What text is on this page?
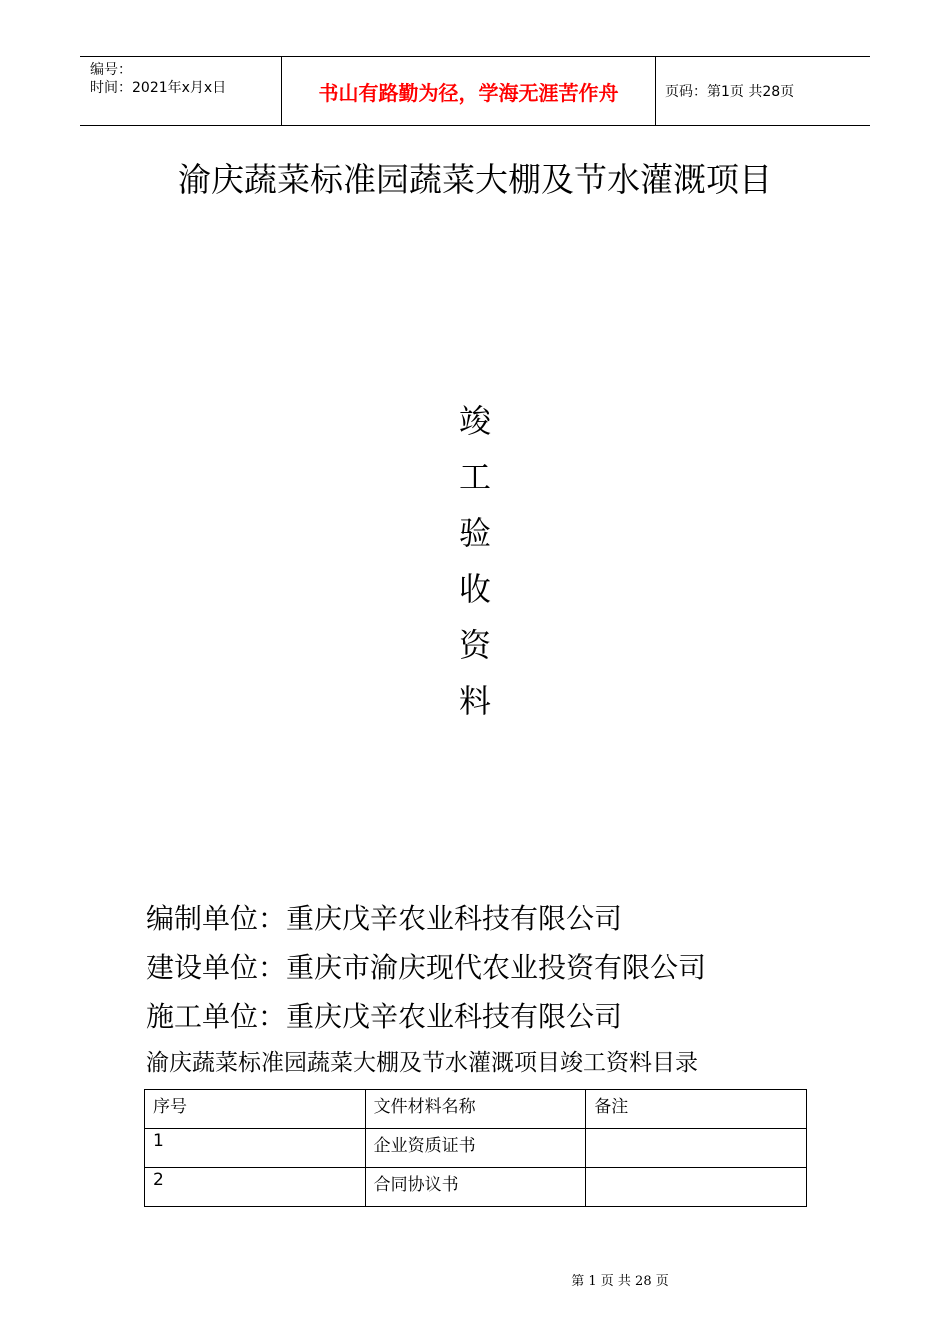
编号：
时间：2021年x月x日	书山有路勤为径，学海无涯苦作舟	页码：第1页 共28页
渝庆蔬菜标准园蔬菜大棚及节水灌溉项目
竣
工
验
收
资
料
编制单位：重庆戊辛农业科技有限公司
建设单位：重庆市渝庆现代农业投资有限公司
施工单位：重庆戊辛农业科技有限公司
渝庆蔬菜标准园蔬菜大棚及节水灌溉项目竣工资料目录
序号	文件材料名称	备注
1	企业资质证书	
2	合同协议书	
第 1 页 共 28 页
